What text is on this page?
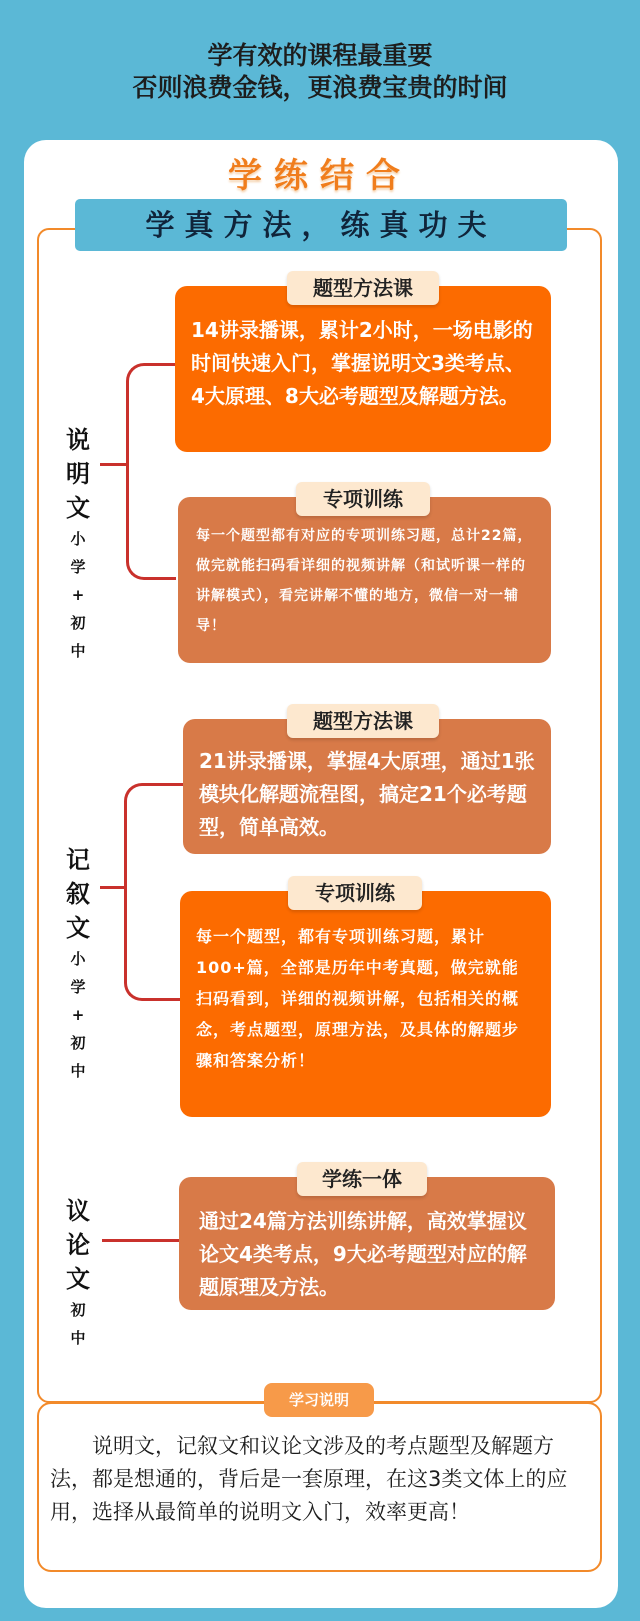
学有效的课程最重要
否则浪费金钱，更浪费宝贵的时间
学练结合
学真方法，练真功夫
说
明
文
小
学
+
初
中
题型方法课
14讲录播课，累计2小时，一场电影的时间快速入门，掌握说明文3类考点、4大原理、8大必考题型及解题方法。
专项训练
每一个题型都有对应的专项训练习题，总计22篇，做完就能扫码看详细的视频讲解（和试听课一样的讲解模式），看完讲解不懂的地方，微信一对一辅导！
记
叙
文
小
学
+
初
中
题型方法课
21讲录播课，掌握4大原理，通过1张模块化解题流程图，搞定21个必考题型，简单高效。
专项训练
每一个题型，都有专项训练习题，累计100+篇，全部是历年中考真题，做完就能扫码看到，详细的视频讲解，包括相关的概念，考点题型，原理方法，及具体的解题步骤和答案分析！
议
论
文
初
中
学练一体
通过24篇方法训练讲解，高效掌握议论文4类考点，9大必考题型对应的解题原理及方法。
学习说明
说明文，记叙文和议论文涉及的考点题型及解题方法，都是想通的，背后是一套原理，在这3类文体上的应用，选择从最简单的说明文入门，效率更高！
